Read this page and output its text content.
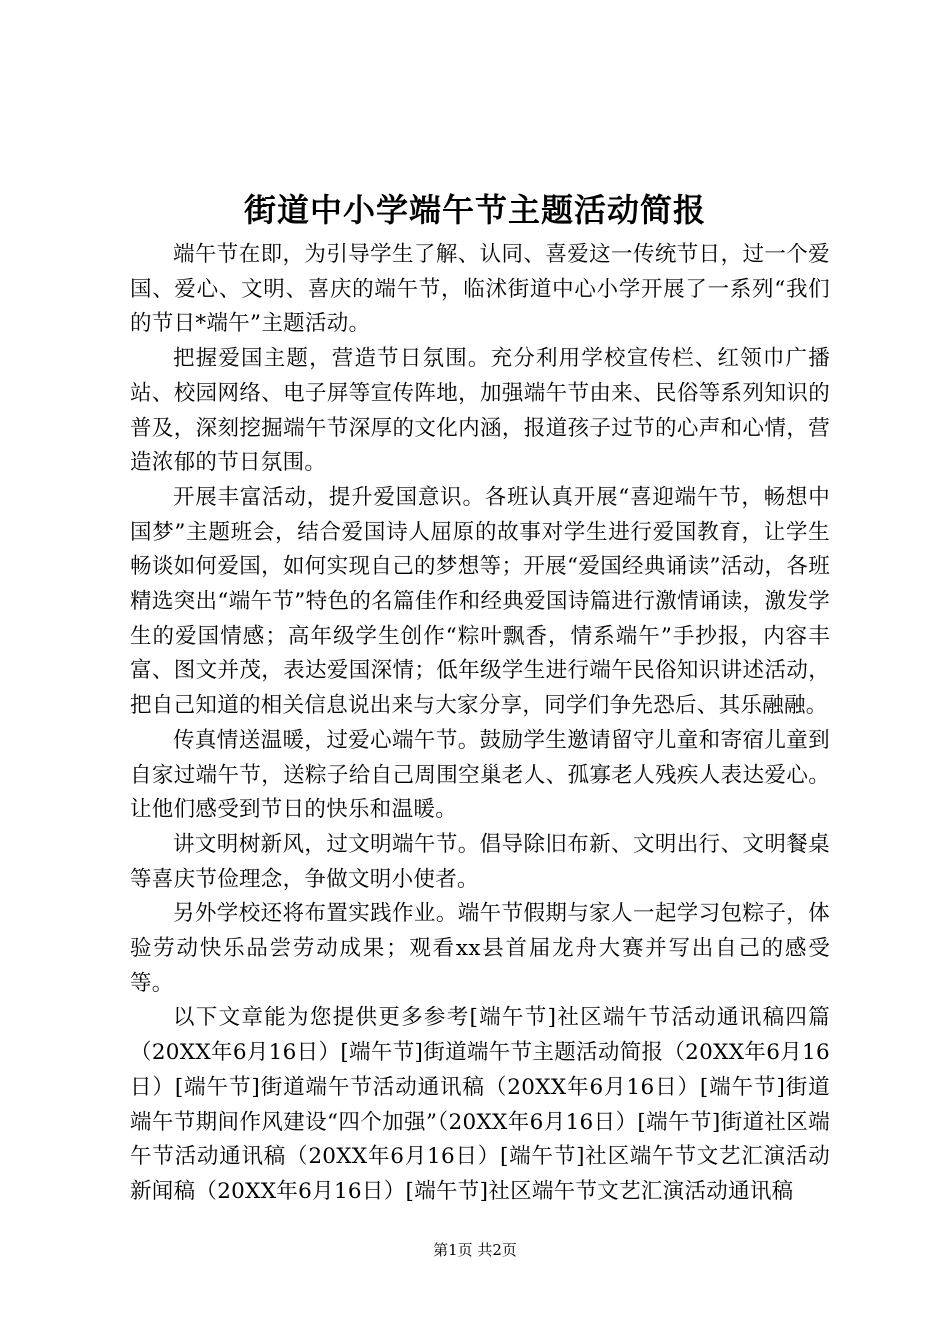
街道中小学端午节主题活动简报

端午节在即，为引导学生了解、认同、喜爱这一传统节日，过一个爱国、爱心、文明、喜庆的端午节，临沭街道中心小学开展了一系列“我们的节日*端午”主题活动。

把握爱国主题，营造节日氛围。充分利用学校宣传栏、红领巾广播站、校园网络、电子屏等宣传阵地，加强端午节由来、民俗等系列知识的普及，深刻挖掘端午节深厚的文化内涵，报道孩子过节的心声和心情，营造浓郁的节日氛围。

开展丰富活动，提升爱国意识。各班认真开展“喜迎端午节，畅想中国梦”主题班会，结合爱国诗人屈原的故事对学生进行爱国教育，让学生畅谈如何爱国，如何实现自己的梦想等；开展“爱国经典诵读”活动，各班精选突出“端午节”特色的名篇佳作和经典爱国诗篇进行激情诵读，激发学生的爱国情感；高年级学生创作“粽叶飘香，情系端午”手抄报，内容丰富、图文并茂，表达爱国深情；低年级学生进行端午民俗知识讲述活动，把自己知道的相关信息说出来与大家分享，同学们争先恐后、其乐融融。

传真情送温暖，过爱心端午节。鼓励学生邀请留守儿童和寄宿儿童到自家过端午节，送粽子给自己周围空巢老人、孤寡老人残疾人表达爱心。让他们感受到节日的快乐和温暖。

讲文明树新风，过文明端午节。倡导除旧布新、文明出行、文明餐桌等喜庆节俭理念，争做文明小使者。

另外学校还将布置实践作业。端午节假期与家人一起学习包粽子，体验劳动快乐品尝劳动成果；观看xx县首届龙舟大赛并写出自己的感受等。

以下文章能为您提供更多参考[端午节]社区端午节活动通讯稿四篇（20XX年6月16日）[端午节]街道端午节主题活动简报（20XX年6月16日）[端午节]街道端午节活动通讯稿（20XX年6月16日）[端午节]街道端午节期间作风建设“四个加强”（20XX年6月16日）[端午节]街道社区端午节活动通讯稿（20XX年6月16日）[端午节]社区端午节文艺汇演活动新闻稿（20XX年6月16日）[端午节]社区端午节文艺汇演活动通讯稿

第1页 共2页
